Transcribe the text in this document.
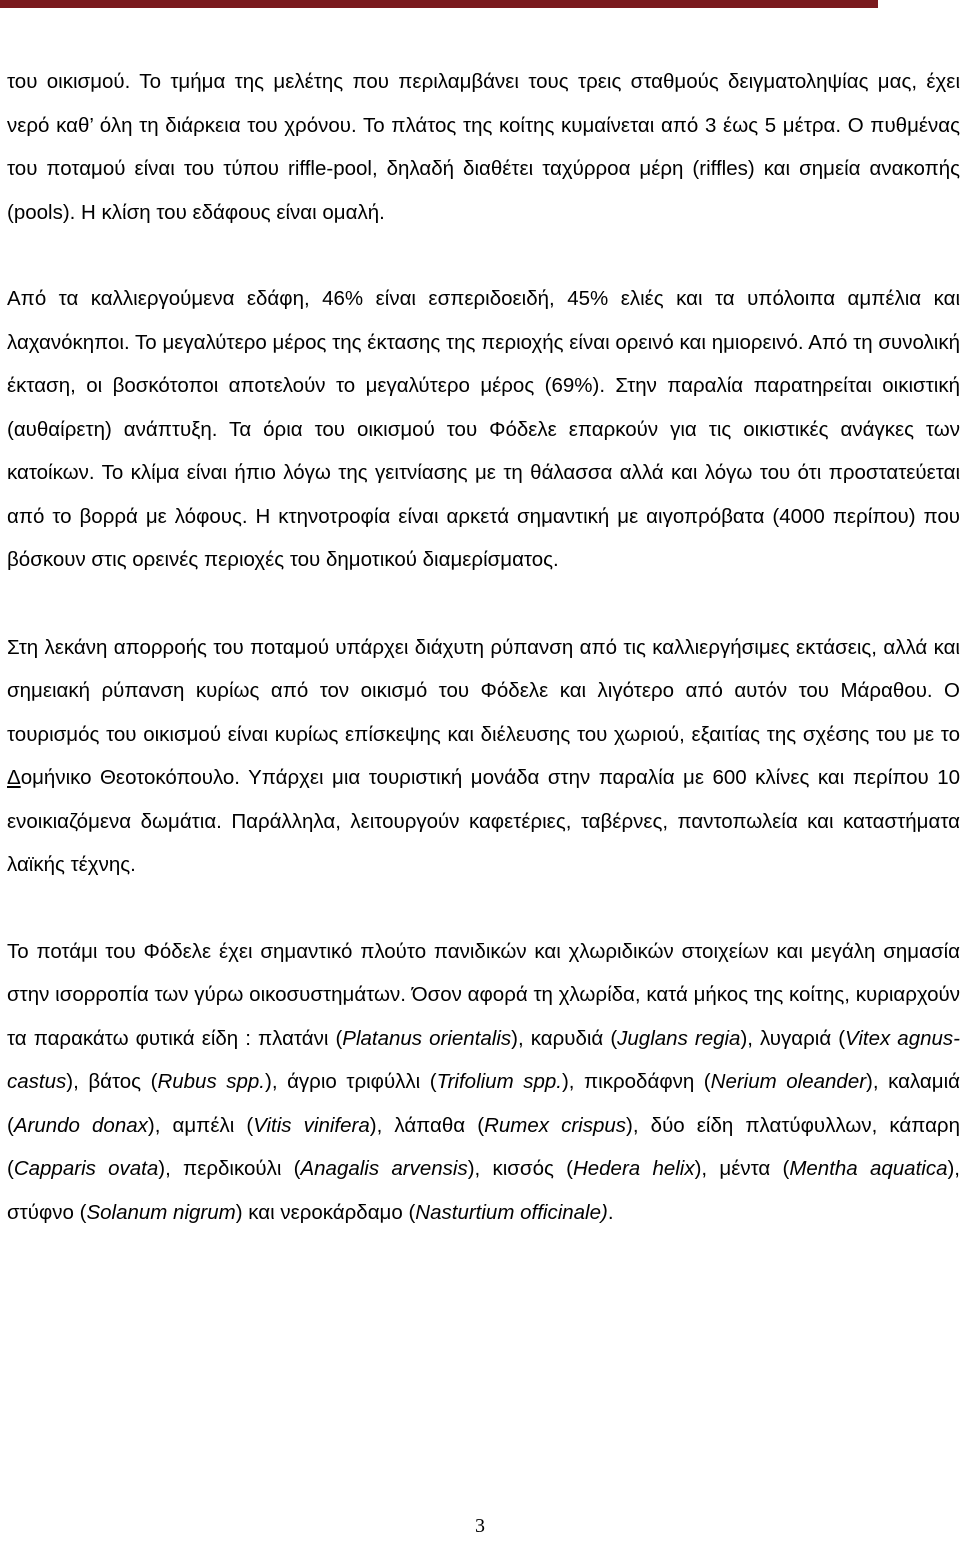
του οικισμού. Το τμήμα της μελέτης που περιλαμβάνει τους τρεις σταθμούς δειγματοληψίας μας, έχει νερό καθ’ όλη τη διάρκεια του χρόνου. Το πλάτος της κοίτης κυμαίνεται από 3 έως 5 μέτρα. Ο πυθμένας του ποταμού είναι του τύπου riffle-pool, δηλαδή διαθέτει ταχύρροα μέρη (riffles) και σημεία ανακοπής (pools). Η κλίση του εδάφους είναι ομαλή.

Από τα καλλιεργούμενα εδάφη, 46% είναι εσπεριδοειδή, 45% ελιές και τα υπόλοιπα αμπέλια και λαχανόκηποι. Το μεγαλύτερο μέρος της έκτασης της περιοχής είναι ορεινό και ημιορεινό. Από τη συνολική έκταση, οι βοσκότοποι αποτελούν το μεγαλύτερο μέρος (69%). Στην παραλία παρατηρείται οικιστική (αυθαίρετη) ανάπτυξη. Τα όρια του οικισμού του Φόδελε επαρκούν για τις οικιστικές ανάγκες των κατοίκων. Το κλίμα είναι ήπιο λόγω της γειτνίασης με τη θάλασσα αλλά και λόγω του ότι προστατεύεται από το βορρά με λόφους. Η κτηνοτροφία είναι αρκετά σημαντική με αιγοπρόβατα (4000 περίπου) που βόσκουν στις ορεινές περιοχές του δημοτικού διαμερίσματος.

Στη λεκάνη απορροής του ποταμού υπάρχει διάχυτη ρύπανση από τις καλλιεργήσιμες εκτάσεις, αλλά και σημειακή ρύπανση κυρίως από τον οικισμό του Φόδελε και λιγότερο από αυτόν του Μάραθου. Ο τουρισμός του οικισμού είναι κυρίως επίσκεψης και διέλευσης του χωριού, εξαιτίας της σχέσης του με το Δομήνικο Θεοτοκόπουλο. Υπάρχει μια τουριστική μονάδα στην παραλία με 600 κλίνες και περίπου 10 ενοικιαζόμενα δωμάτια. Παράλληλα, λειτουργούν καφετέριες, ταβέρνες, παντοπωλεία και καταστήματα λαϊκής τέχνης.

Το ποτάμι του Φόδελε έχει σημαντικό πλούτο πανιδικών και χλωριδικών στοιχείων και μεγάλη σημασία στην ισορροπία των γύρω οικοσυστημάτων. Όσον αφορά τη χλωρίδα, κατά μήκος της κοίτης, κυριαρχούν τα παρακάτω φυτικά είδη : πλατάνι (Platanus orientalis), καρυδιά (Juglans regia), λυγαριά (Vitex agnus-castus), βάτος (Rubus spp.), άγριο τριφύλλι (Trifolium spp.), πικροδάφνη (Nerium oleander), καλαμιά (Arundo donax), αμπέλι (Vitis vinifera), λάπαθα (Rumex crispus), δύο είδη πλατύφυλλων, κάπαρη (Capparis ovata), περδικούλι (Anagalis arvensis), κισσός (Hedera helix), μέντα (Mentha aquatica), στύφνο (Solanum nigrum) και νεροκάρδαμο (Nasturtium officinale).

3
